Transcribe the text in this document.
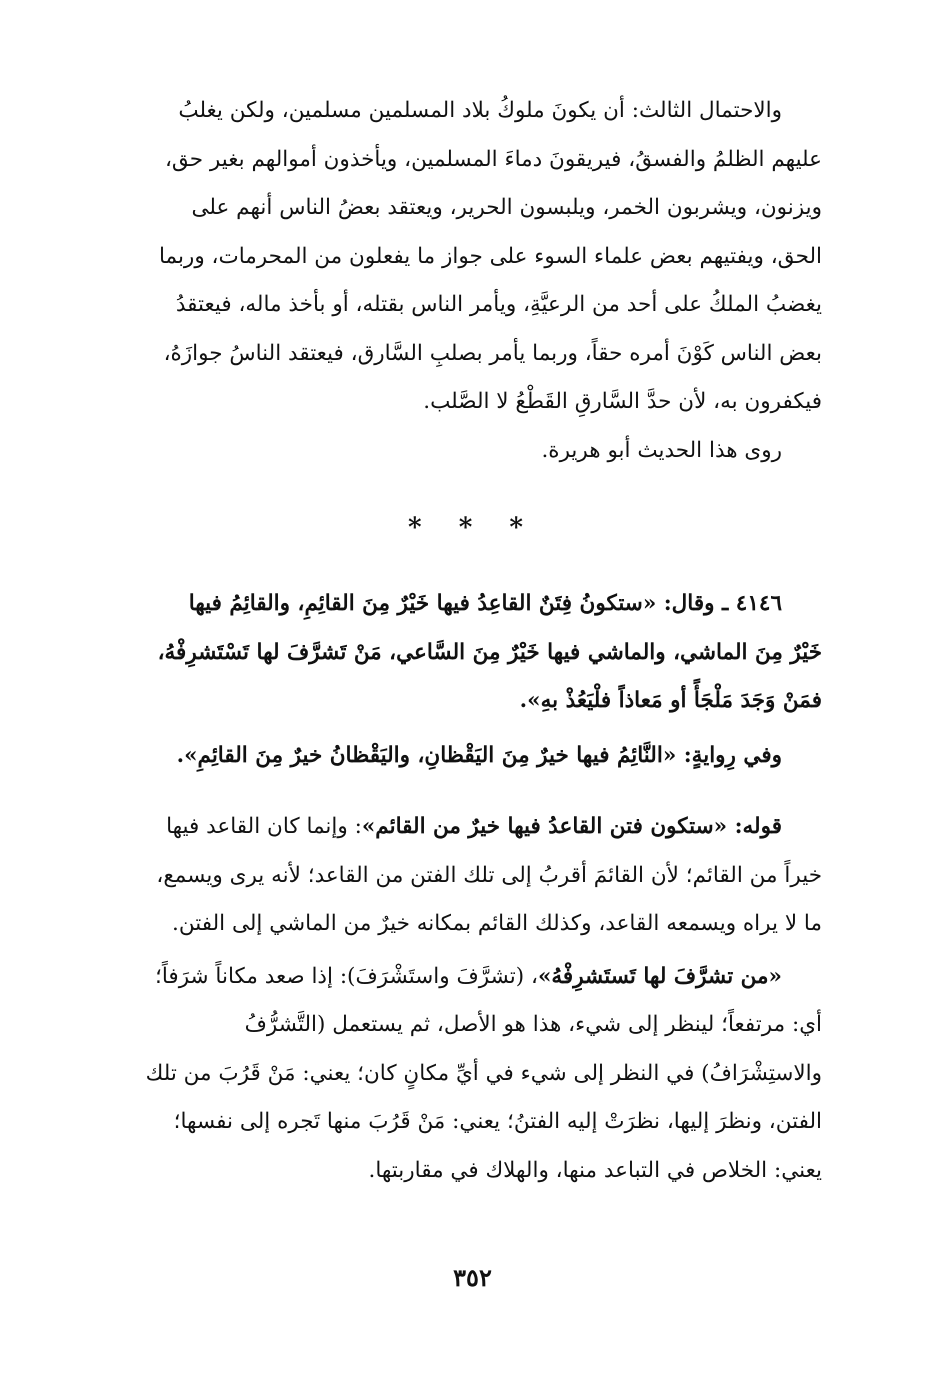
والاحتمال الثالث: أن يكونَ ملوكُ بلاد المسلمين مسلمين، ولكن يغلبُ
عليهم الظلمُ والفسقُ، فيريقونَ دماءَ المسلمين، ويأخذون أموالهم بغير حق،
ويزنون، ويشربون الخمر، ويلبسون الحرير، ويعتقد بعضُ الناس أنهم على
الحق، ويفتيهم بعض علماء السوء على جواز ما يفعلون من المحرمات، وربما
يغضبُ الملكُ على أحد من الرعيَّةِ، ويأمر الناس بقتله، أو بأخذ ماله، فيعتقدُ
بعض الناس كَوْنَ أمره حقاً، وربما يأمر بصلبِ السَّارق، فيعتقد الناسُ جوازَهُ،
فيكفرون به، لأن حدَّ السَّارقِ القَطْعُ لا الصَّلب.

روى هذا الحديث أبو هريرة.

* * *

٤١٤٦ ـ وقال: «ستكونُ فِتَنٌ القاعِدُ فيها خَيْرٌ مِنَ القائِمِ، والقائِمُ فيها
خَيْرٌ مِنَ الماشي، والماشي فيها خَيْرٌ مِنَ السَّاعي، مَنْ تَشرَّفَ لها تَسْتَشرِفْهُ،
فمَنْ وَجَدَ مَلْجَأً أو مَعاذاً فلْيَعُذْ بهِ».

وفي رِوايةٍ: «النَّائِمُ فيها خيرٌ مِنَ اليَقْظانِ، واليَقْظانُ خيرٌ مِنَ القائِمِ».

قوله: «ستكون فتن القاعدُ فيها خيرٌ من القائم»: وإنما كان القاعد فيها
خيراً من القائم؛ لأن القائمَ أقربُ إلى تلك الفتن من القاعد؛ لأنه يرى ويسمع،
ما لا يراه ويسمعه القاعد، وكذلك القائم بمكانه خيرٌ من الماشي إلى الفتن.

«من تشرَّفَ لها تَستَشرِفْهُ»، (تشرَّفَ واستَشْرَفَ): إذا صعد مكاناً شرَفاً؛
أي: مرتفعاً؛ لينظر إلى شيء، هذا هو الأصل، ثم يستعمل (التَّشرُّفُ
والاستِشْرَافُ) في النظر إلى شيء في أيِّ مكانٍ كان؛ يعني: مَنْ قَرُبَ من تلك
الفتن، ونظرَ إليها، نظرَتْ إليه الفتنُ؛ يعني: مَنْ قَرُبَ منها تَجره إلى نفسها؛
يعني: الخلاص في التباعد منها، والهلاك في مقاربتها.

٣٥٢
